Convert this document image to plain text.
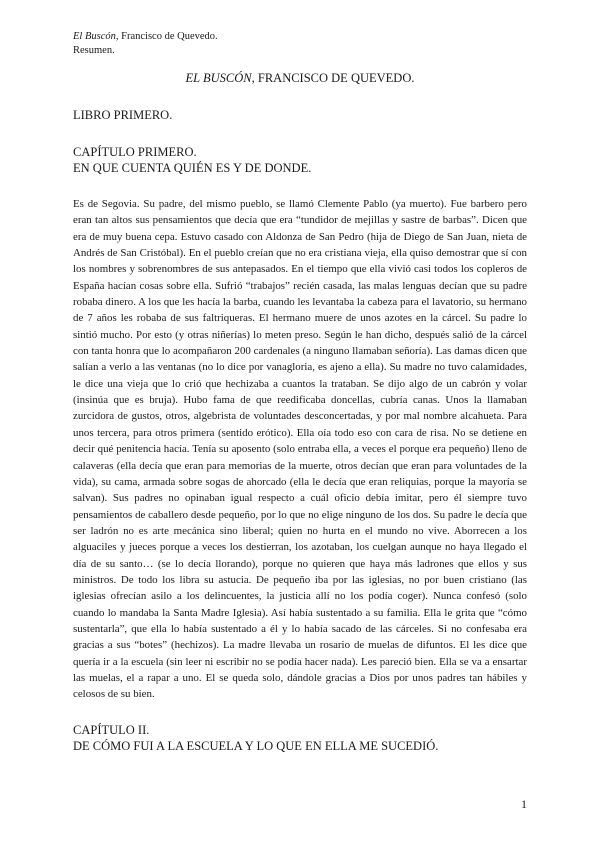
El Buscón, Francisco de Quevedo.
Resumen.
EL BUSCÓN, FRANCISCO DE QUEVEDO.
LIBRO PRIMERO.
CAPÍTULO PRIMERO.
EN QUE CUENTA QUIÉN ES Y DE DONDE.
Es de Segovia. Su padre, del mismo pueblo, se llamó Clemente Pablo (ya muerto). Fue barbero pero eran tan altos sus pensamientos que decía que era “tundidor de mejillas y sastre de barbas”. Dicen que era de muy buena cepa. Estuvo casado con Aldonza de San Pedro (hija de Diego de San Juan, nieta de Andrés de San Cristóbal). En el pueblo creían que no era cristiana vieja, ella quiso demostrar que sí con los nombres y sobrenombres de sus antepasados. En el tiempo que ella vivió casi todos los copleros de España hacían cosas sobre ella. Sufrió “trabajos” recién casada, las malas lenguas decían que su padre robaba dinero. A los que les hacía la barba, cuando les levantaba la cabeza para el lavatorio, su hermano de 7 años les robaba de sus faltriqueras. El hermano muere de unos azotes en la cárcel. Su padre lo sintió mucho. Por esto (y otras niñerías) lo meten preso. Según le han dicho, después salió de la cárcel con tanta honra que lo acompañaron 200 cardenales (a ninguno llamaban señoría). Las damas dicen que salían a verlo a las ventanas (no lo dice por vanagloria, es ajeno a ella). Su madre no tuvo calamidades, le dice una vieja que lo crió que hechizaba a cuantos la trataban. Se dijo algo de un cabrón y volar (insinúa que es bruja). Hubo fama de que reedificaba doncellas, cubría canas. Unos la llamaban zurcidora de gustos, otros, algebrista de voluntades desconcertadas, y por mal nombre alcahueta. Para unos tercera, para otros primera (sentido erótico). Ella oía todo eso con cara de risa. No se detiene en decir qué penitencia hacía. Tenía su aposento (solo entraba ella, a veces el porque era pequeño) lleno de calaveras (ella decía que eran para memorias de la muerte, otros decían que eran para voluntades de la vida), su cama, armada sobre sogas de ahorcado (ella le decía que eran reliquias, porque la mayoría se salvan). Sus padres no opinaban igual respecto a cuál oficio debía imitar, pero él siempre tuvo pensamientos de caballero desde pequeño, por lo que no elige ninguno de los dos. Su padre le decía que ser ladrón no es arte mecánica sino liberal; quien no hurta en el mundo no vive. Aborrecen a los alguaciles y jueces porque a veces los destierran, los azotaban, los cuelgan aunque no haya llegado el día de su santo… (se lo decía llorando), porque no quieren que haya más ladrones que ellos y sus ministros. De todo los libra su astucia. De pequeño iba por las iglesias, no por buen cristiano (las iglesias ofrecían asilo a los delincuentes, la justicia allí no los podía coger). Nunca confesó (solo cuando lo mandaba la Santa Madre Iglesia). Así había sustentado a su familia. Ella le grita que “cómo sustentarla”, que ella lo había sustentado a él y lo había sacado de las cárceles. Si no confesaba era gracias a sus “botes” (hechizos). La madre llevaba un rosario de muelas de difuntos. El les dice que quería ir a la escuela (sin leer ni escribir no se podía hacer nada). Les pareció bien. Ella se va a ensartar las muelas, el a rapar a uno. El se queda solo, dándole gracias a Dios por unos padres tan hábiles y celosos de su bien.
CAPÍTULO II.
DE CÓMO FUI A LA ESCUELA Y LO QUE EN ELLA ME SUCEDIÓ.
1
